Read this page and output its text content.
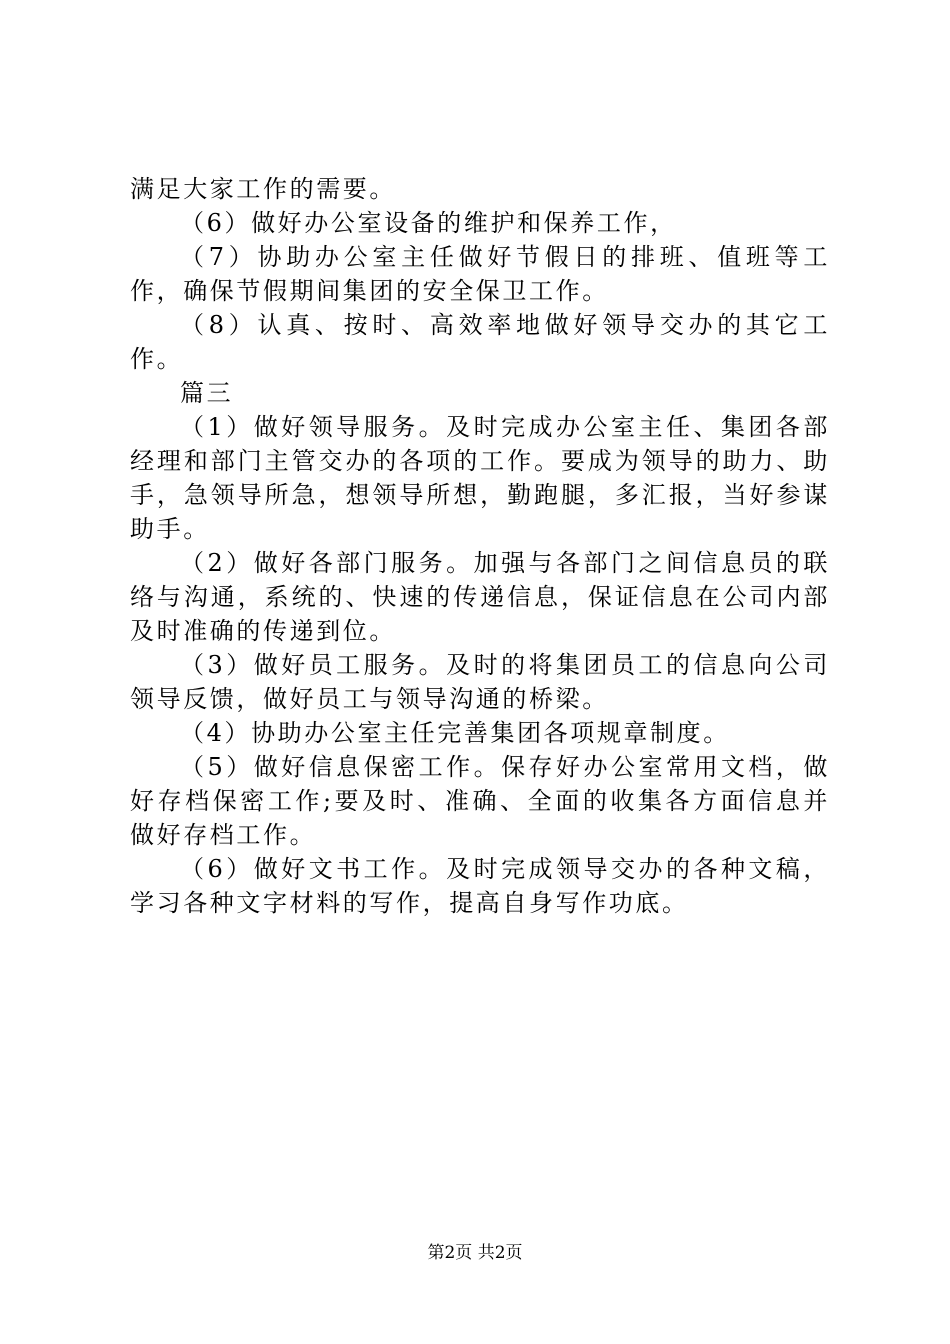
满足大家工作的需要。

（6）做好办公室设备的维护和保养工作，

（7）协助办公室主任做好节假日的排班、值班等工作，确保节假期间集团的安全保卫工作。

（8）认真、按时、高效率地做好领导交办的其它工作。

篇三

（1）做好领导服务。及时完成办公室主任、集团各部经理和部门主管交办的各项的工作。要成为领导的助力、助手，急领导所急，想领导所想，勤跑腿，多汇报，当好参谋助手。

（2）做好各部门服务。加强与各部门之间信息员的联络与沟通，系统的、快速的传递信息，保证信息在公司内部及时准确的传递到位。

（3）做好员工服务。及时的将集团员工的信息向公司领导反馈，做好员工与领导沟通的桥梁。

（4）协助办公室主任完善集团各项规章制度。

（5）做好信息保密工作。保存好办公室常用文档，做好存档保密工作;要及时、准确、全面的收集各方面信息并做好存档工作。

（6）做好文书工作。及时完成领导交办的各种文稿，学习各种文字材料的写作，提高自身写作功底。

第2页 共2页
